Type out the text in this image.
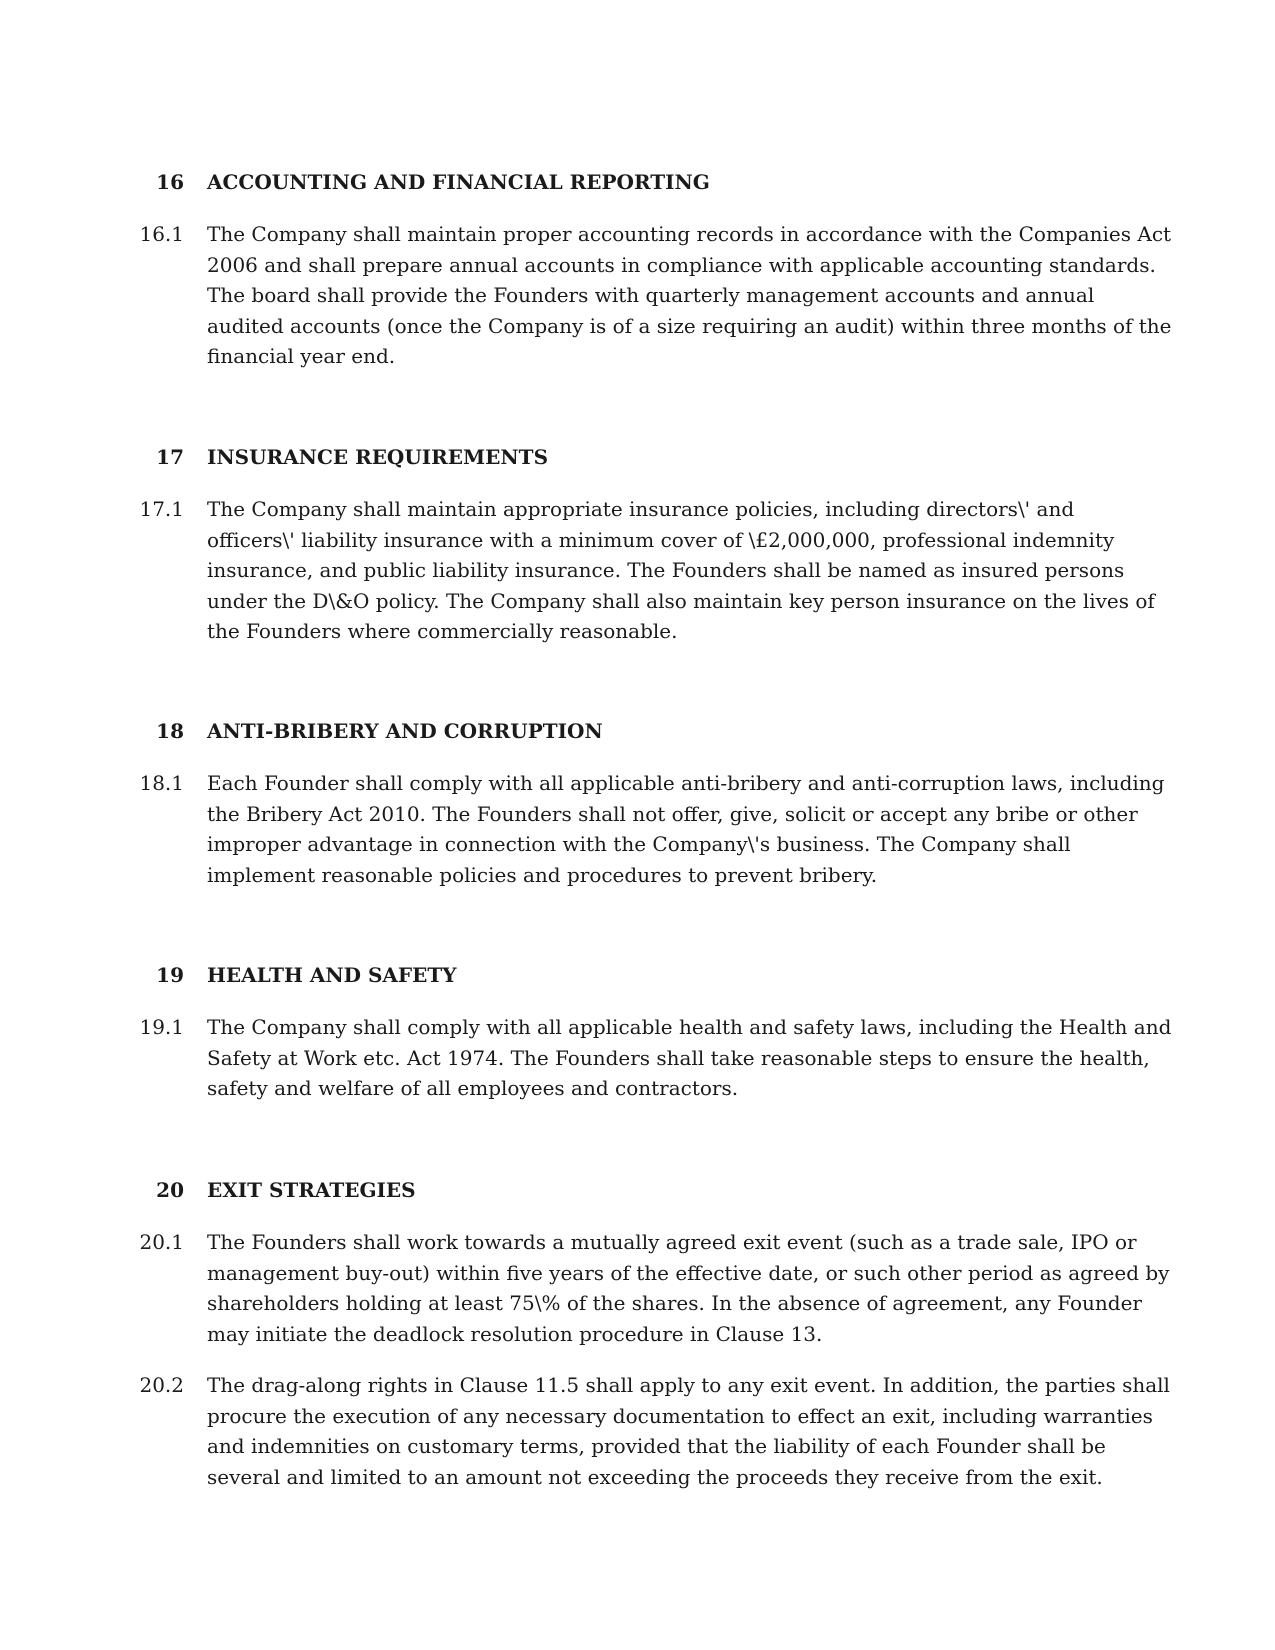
16 ACCOUNTING AND FINANCIAL REPORTING
16.1 The Company shall maintain proper accounting records in accordance with the Companies Act
2006 and shall prepare annual accounts in compliance with applicable accounting standards.
The board shall provide the Founders with quarterly management accounts and annual
audited accounts (once the Company is of a size requiring an audit) within three months of the
financial year end.
17 INSURANCE REQUIREMENTS
17.1 The Company shall maintain appropriate insurance policies, including directors\' and
officers\' liability insurance with a minimum cover of \£2,000,000, professional indemnity
insurance, and public liability insurance. The Founders shall be named as insured persons
under the D\&O policy. The Company shall also maintain key person insurance on the lives of
the Founders where commercially reasonable.
18 ANTI-BRIBERY AND CORRUPTION
18.1 Each Founder shall comply with all applicable anti-bribery and anti-corruption laws, including
the Bribery Act 2010. The Founders shall not offer, give, solicit or accept any bribe or other
improper advantage in connection with the Company\'s business. The Company shall
implement reasonable policies and procedures to prevent bribery.
19 HEALTH AND SAFETY
19.1 The Company shall comply with all applicable health and safety laws, including the Health and
Safety at Work etc. Act 1974. The Founders shall take reasonable steps to ensure the health,
safety and welfare of all employees and contractors.
20 EXIT STRATEGIES
20.1 The Founders shall work towards a mutually agreed exit event (such as a trade sale, IPO or
management buy-out) within five years of the effective date, or such other period as agreed by
shareholders holding at least 75\% of the shares. In the absence of agreement, any Founder
may initiate the deadlock resolution procedure in Clause 13.
20.2 The drag-along rights in Clause 11.5 shall apply to any exit event. In addition, the parties shall
procure the execution of any necessary documentation to effect an exit, including warranties
and indemnities on customary terms, provided that the liability of each Founder shall be
several and limited to an amount not exceeding the proceeds they receive from the exit.
